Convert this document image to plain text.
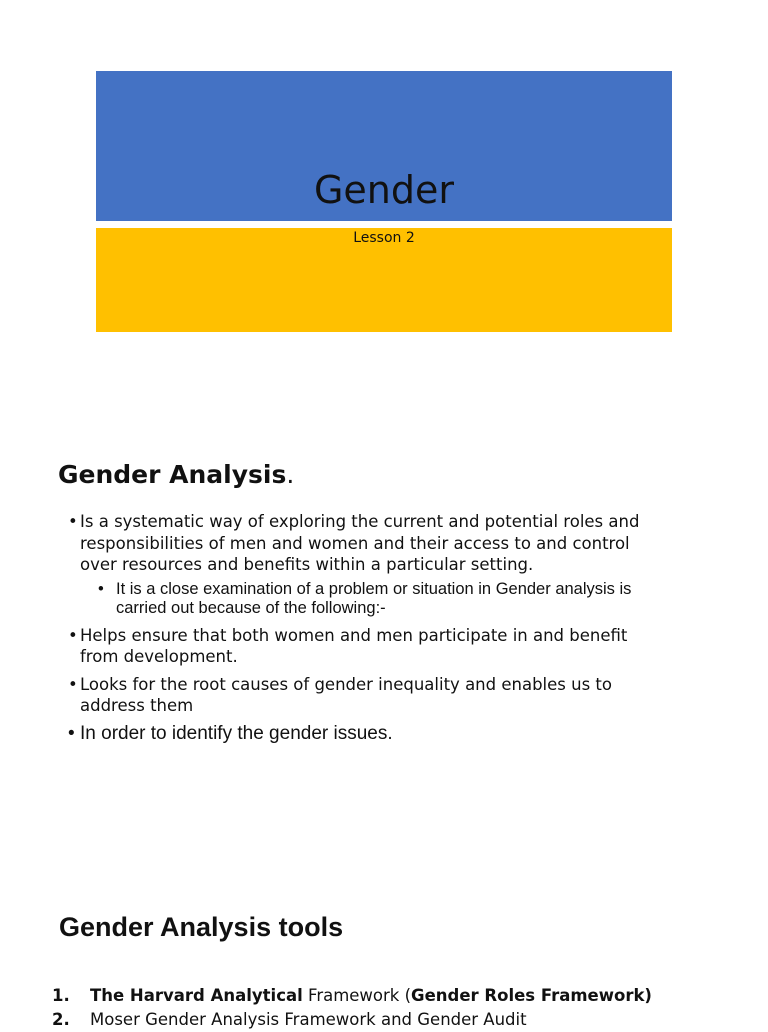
Gender
Lesson 2
Gender Analysis.
• Is a systematic way of exploring the current and potential roles and responsibilities of men and women and their access to and control over resources and benefits within a particular setting.
• It is a close examination of a problem or situation in Gender analysis is carried out because of the following:-
• Helps ensure that both women and men participate in and benefit from development.
• Looks for the root causes of gender inequality and enables us to address them
• In order to identify the gender issues.
Gender Analysis tools
1.	The Harvard Analytical Framework (Gender Roles Framework)
2.	Moser Gender Analysis Framework and Gender Audit
